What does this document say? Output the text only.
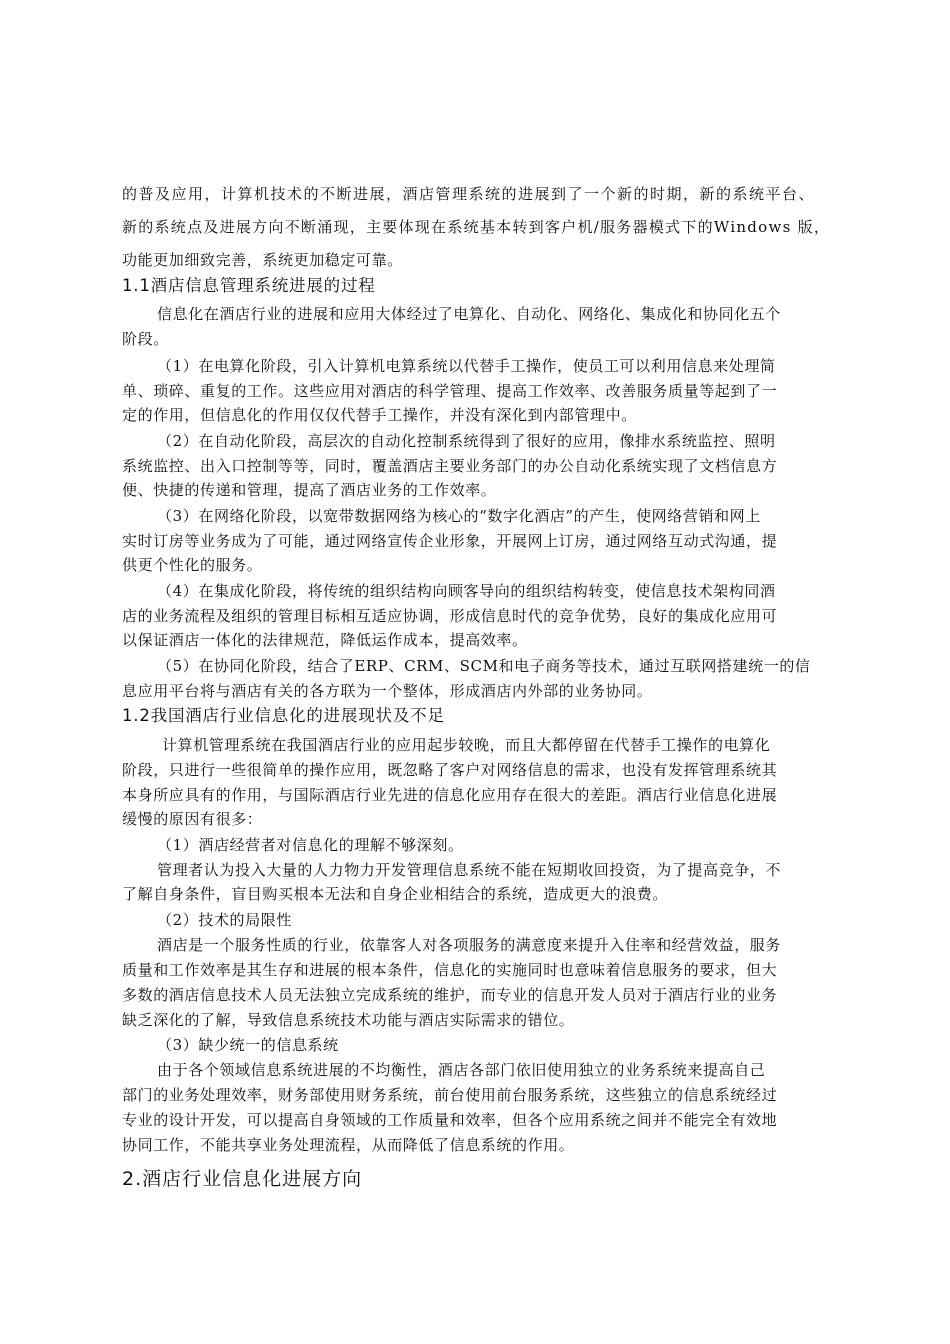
的普及应用，计算机技术的不断进展，酒店管理系统的进展到了一个新的时期，新的系统平台、
新的系统点及进展方向不断涌现，主要体现在系统基本转到客户机/服务器模式下的Windows 版，
功能更加细致完善，系统更加稳定可靠。
1.1酒店信息管理系统进展的过程
信息化在酒店行业的进展和应用大体经过了电算化、自动化、网络化、集成化和协同化五个
阶段。
（1）在电算化阶段，引入计算机电算系统以代替手工操作，使员工可以利用信息来处理简
单、琐碎、重复的工作。这些应用对酒店的科学管理、提高工作效率、改善服务质量等起到了一
定的作用，但信息化的作用仅仅代替手工操作，并没有深化到内部管理中。
（2）在自动化阶段，高层次的自动化控制系统得到了很好的应用，像排水系统监控、照明
系统监控、出入口控制等等，同时，覆盖酒店主要业务部门的办公自动化系统实现了文档信息方
便、快捷的传递和管理，提高了酒店业务的工作效率。
（3）在网络化阶段，以宽带数据网络为核心的“数字化酒店”的产生，使网络营销和网上
实时订房等业务成为了可能，通过网络宣传企业形象，开展网上订房，通过网络互动式沟通，提
供更个性化的服务。
（4）在集成化阶段，将传统的组织结构向顾客导向的组织结构转变，使信息技术架构同酒
店的业务流程及组织的管理目标相互适应协调，形成信息时代的竞争优势，良好的集成化应用可
以保证酒店一体化的法律规范，降低运作成本，提高效率。
（5）在协同化阶段，结合了ERP、CRM、SCM和电子商务等技术，通过互联网搭建统一的信
息应用平台将与酒店有关的各方联为一个整体，形成酒店内外部的业务协同。
1.2我国酒店行业信息化的进展现状及不足
计算机管理系统在我国酒店行业的应用起步较晚，而且大都停留在代替手工操作的电算化
阶段，只进行一些很简单的操作应用，既忽略了客户对网络信息的需求，也没有发挥管理系统其
本身所应具有的作用，与国际酒店行业先进的信息化应用存在很大的差距。酒店行业信息化进展
缓慢的原因有很多：
（1）酒店经营者对信息化的理解不够深刻。
管理者认为投入大量的人力物力开发管理信息系统不能在短期收回投资，为了提高竞争，不
了解自身条件，盲目购买根本无法和自身企业相结合的系统，造成更大的浪费。
（2）技术的局限性
酒店是一个服务性质的行业，依靠客人对各项服务的满意度来提升入住率和经营效益，服务
质量和工作效率是其生存和进展的根本条件，信息化的实施同时也意味着信息服务的要求，但大
多数的酒店信息技术人员无法独立完成系统的维护，而专业的信息开发人员对于酒店行业的业务
缺乏深化的了解，导致信息系统技术功能与酒店实际需求的错位。
（3）缺少统一的信息系统
由于各个领域信息系统进展的不均衡性，酒店各部门依旧使用独立的业务系统来提高自己
部门的业务处理效率，财务部使用财务系统，前台使用前台服务系统，这些独立的信息系统经过
专业的设计开发，可以提高自身领域的工作质量和效率，但各个应用系统之间并不能完全有效地
协同工作，不能共享业务处理流程，从而降低了信息系统的作用。
2.酒店行业信息化进展方向
